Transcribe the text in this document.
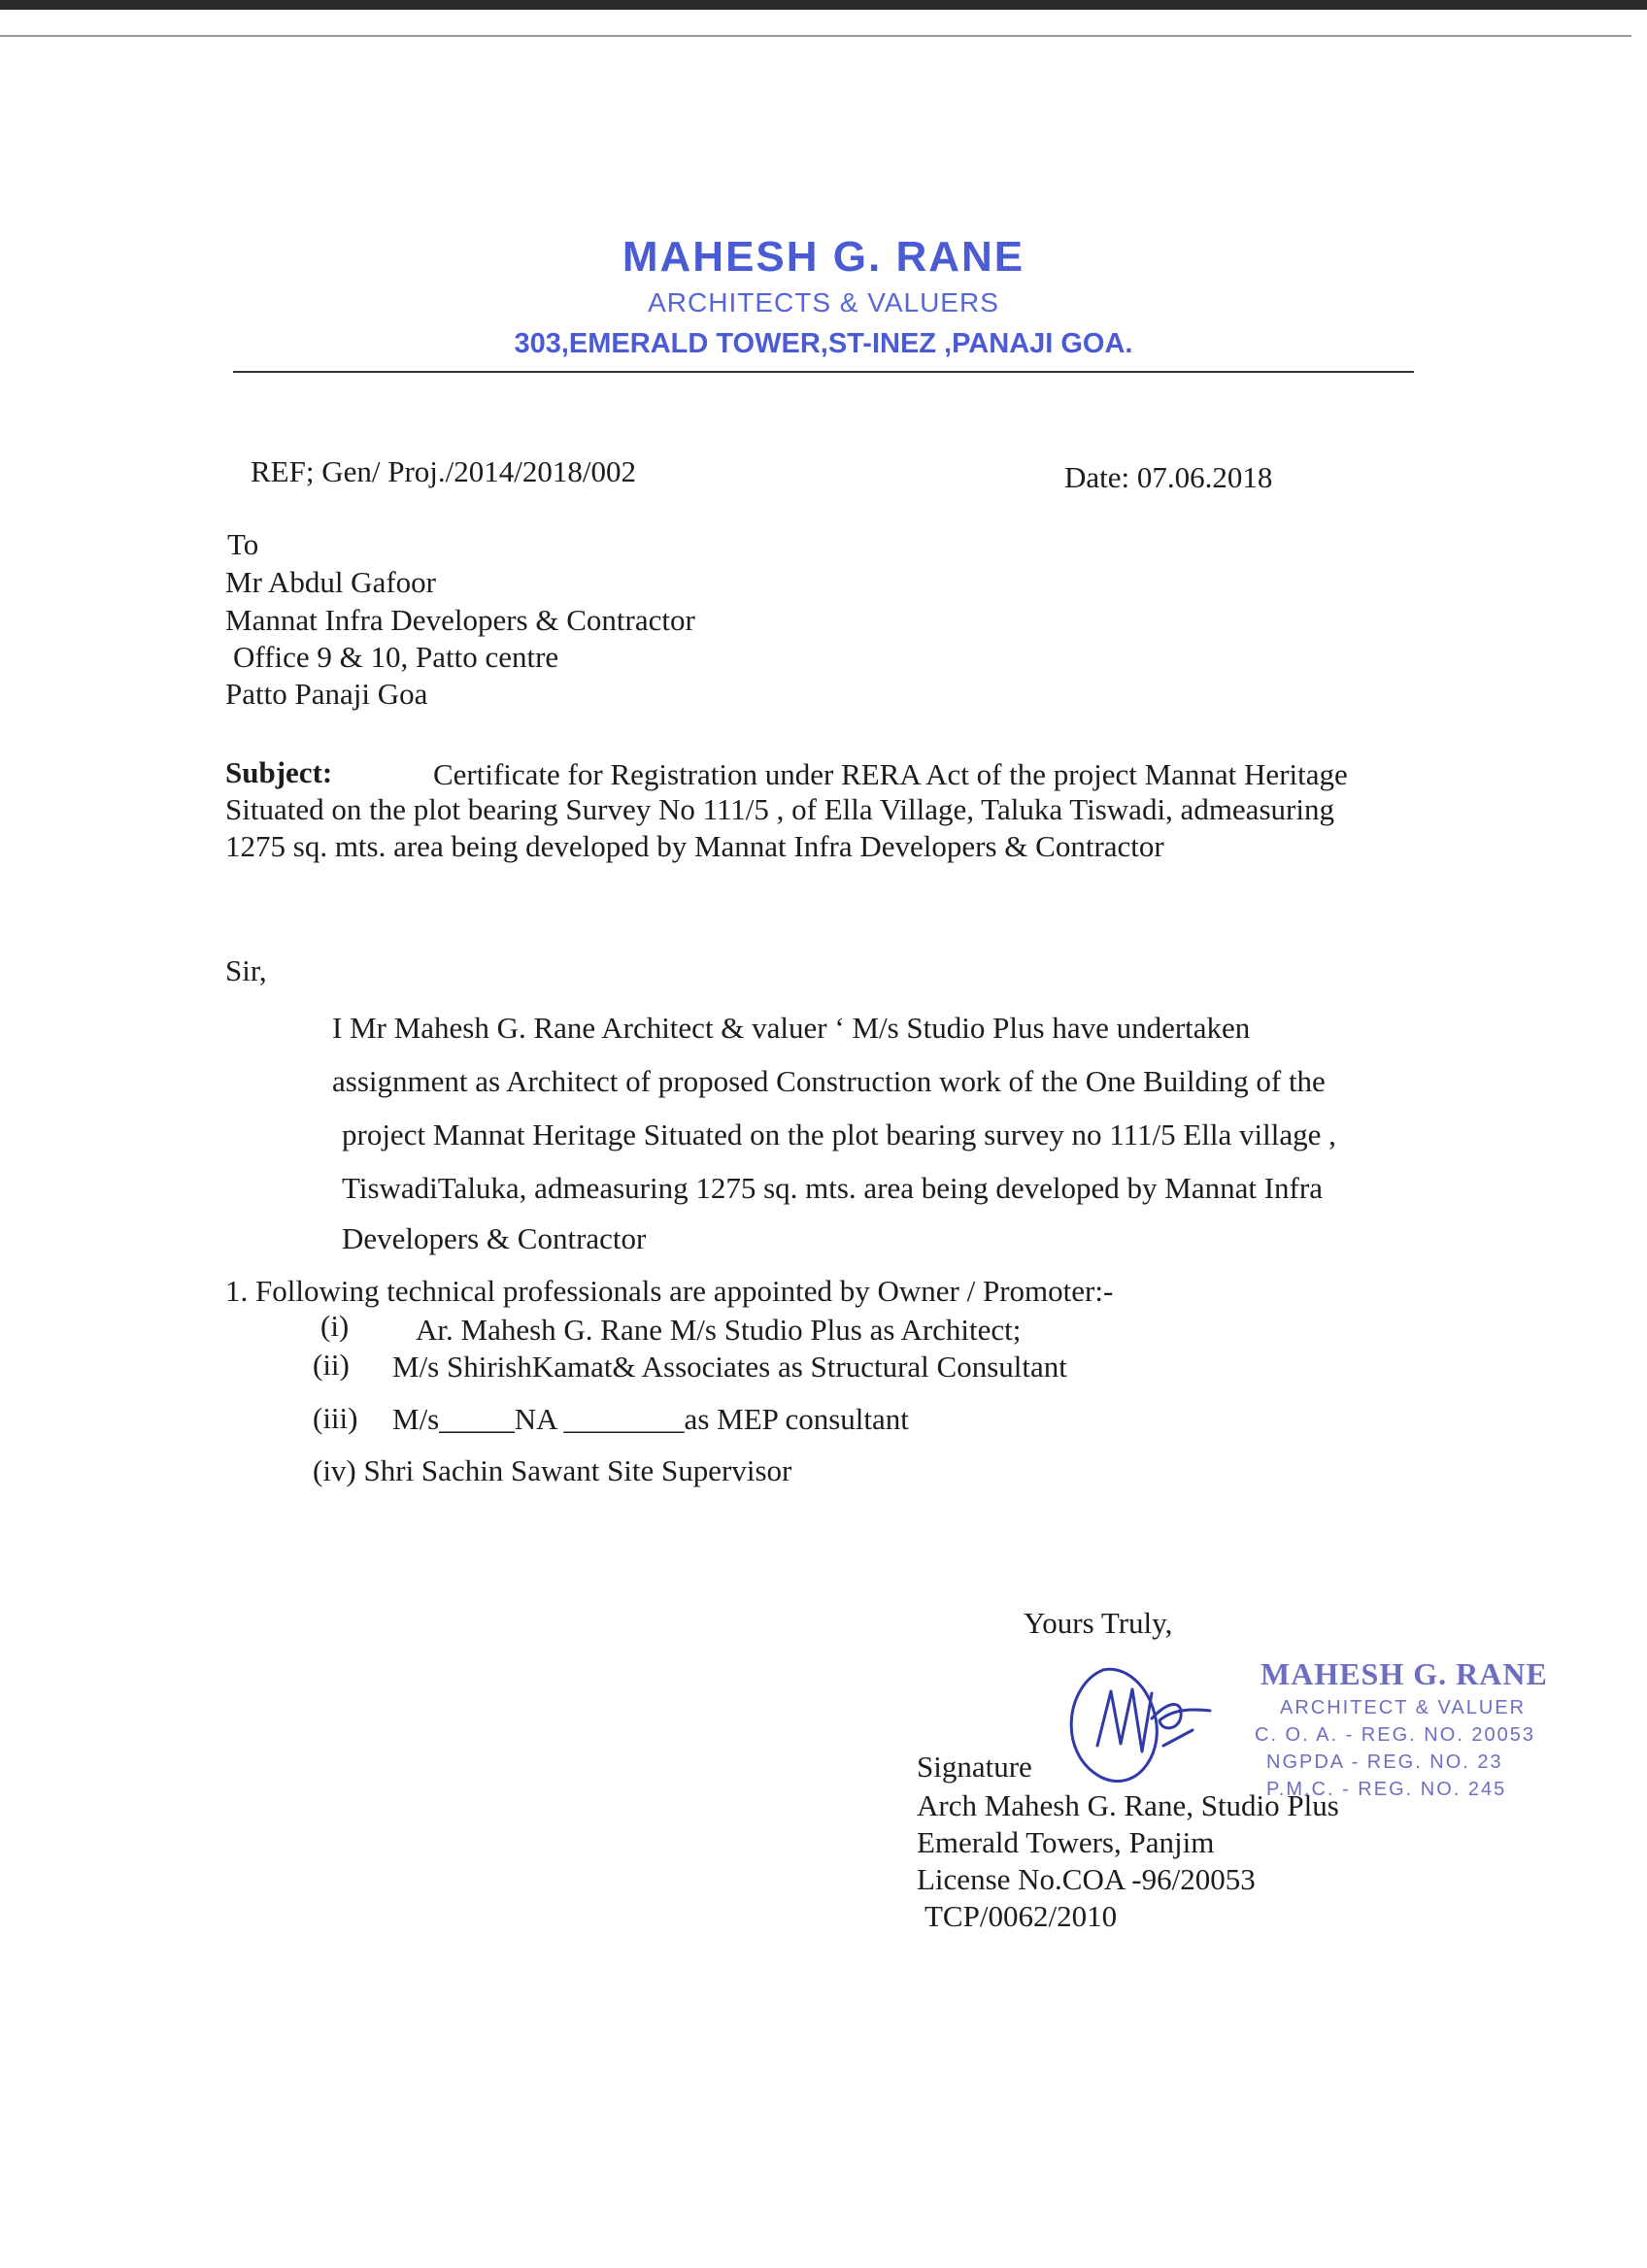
MAHESH G. RANE
ARCHITECTS & VALUERS
303,EMERALD TOWER,ST-INEZ ,PANAJI GOA.
REF; Gen/ Proj./2014/2018/002	Date: 07.06.2018
To
Mr Abdul Gafoor
Mannat Infra Developers & Contractor
Office 9 & 10, Patto centre
Patto Panaji Goa
Subject:	Certificate for Registration under RERA Act of the project Mannat Heritage
Situated on the plot bearing Survey No 111/5 , of Ella Village, Taluka Tiswadi, admeasuring
1275 sq. mts. area being developed by Mannat Infra Developers & Contractor
Sir,
I Mr Mahesh G. Rane Architect & valuer ‘ M/s Studio Plus have undertaken
assignment as Architect of proposed Construction work of the One Building of the
project Mannat Heritage Situated on the plot bearing survey no 111/5 Ella village ,
TiswadiTaluka, admeasuring 1275 sq. mts. area being developed by Mannat Infra
Developers & Contractor
1. Following technical professionals are appointed by Owner / Promoter:-
(i) Ar. Mahesh G. Rane M/s Studio Plus as Architect;
(ii) M/s ShirishKamat& Associates as Structural Consultant
(iii) M/s_____NA ________as MEP consultant
(iv) Shri Sachin Sawant Site Supervisor
Yours Truly,
Signature
Arch Mahesh G. Rane, Studio Plus
Emerald Towers, Panjim
License No.COA -96/20053
TCP/0062/2010
MAHESH G. RANE
ARCHITECT & VALUER
C. O. A. - REG. NO. 20053
NGPDA - REG. NO. 23
P.M.C. - REG. NO. 245
